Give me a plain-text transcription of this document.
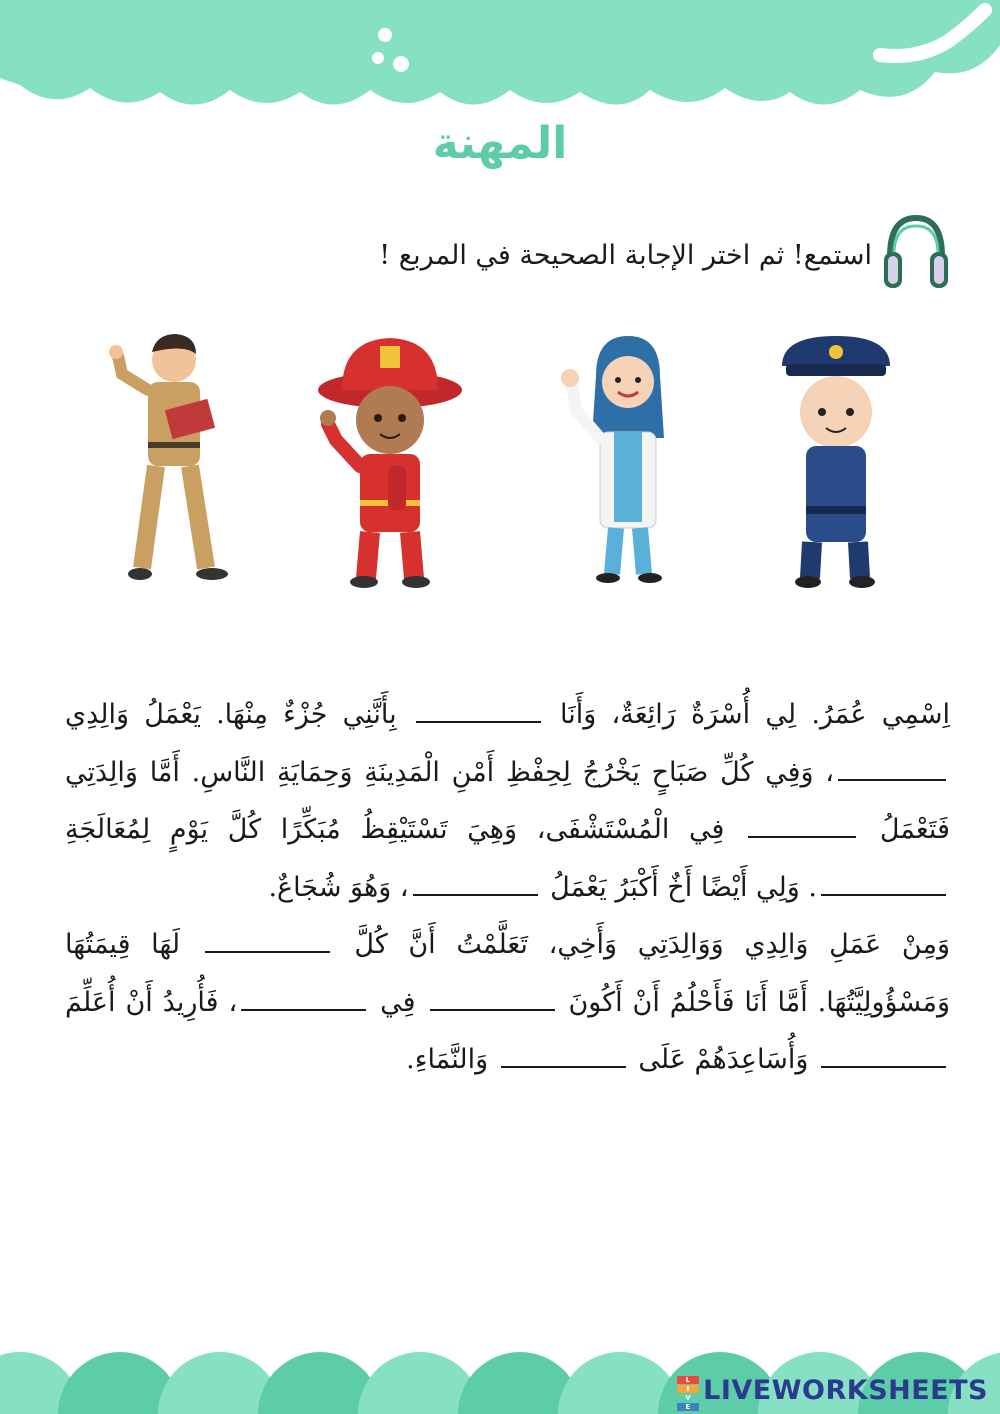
المهنة
استمع! ثم اختر الإجابة الصحيحة في المربع !

اِسْمِي عُمَرُ. لِي أُسْرَةٌ رَائِعَةٌ، وَأَنَا  بِأَنَّنِي جُزْءٌ مِنْهَا. يَعْمَلُ وَالِدِي ، وَفِي كُلِّ صَبَاحٍ يَخْرُجُ لِحِفْظِ أَمْنِ الْمَدِينَةِ وَحِمَايَةِ النَّاسِ. أَمَّا وَالِدَتِي فَتَعْمَلُ  فِي الْمُسْتَشْفَى، وَهِيَ تَسْتَيْقِظُ مُبَكِّرًا كُلَّ يَوْمٍ لِمُعَالَجَةِ . وَلِي أَيْضًا أَخٌ أَكْبَرُ يَعْمَلُ ، وَهُوَ شُجَاعٌ.

وَمِنْ عَمَلِ وَالِدِي وَوَالِدَتِي وَأَخِي، تَعَلَّمْتُ أَنَّ كُلَّ  لَهَا قِيمَتُهَا وَمَسْؤُولِيَّتُهَا. أَمَّا أَنَا فَأَحْلُمُ أَنْ أَكُونَ  فِي ، فَأُرِيدُ أَنْ أُعَلِّمَ  وَأُسَاعِدَهُمْ عَلَى  وَالنَّمَاءِ.

L
I
V
E
LIVEWORKSHEETS
